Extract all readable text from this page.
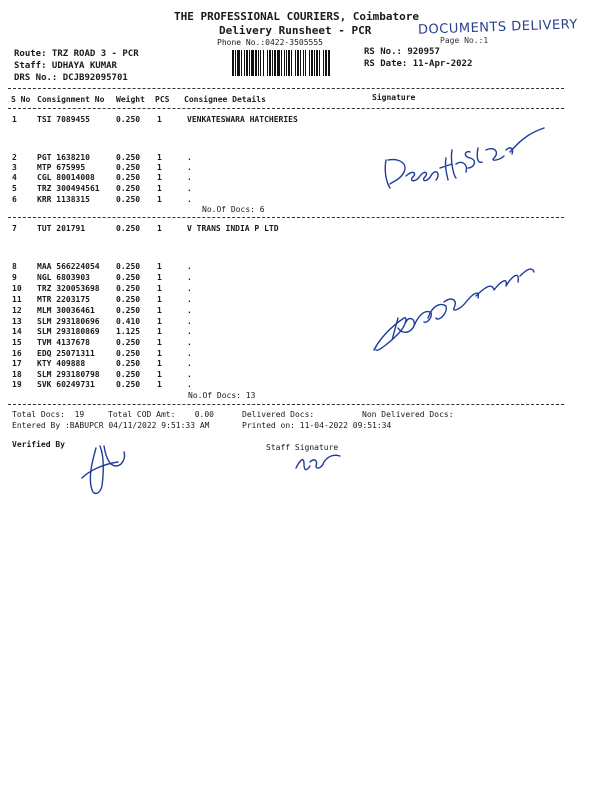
THE PROFESSIONAL COURIERS, Coimbatore
Delivery Runsheet - PCR
Phone No.:0422-3505555
DOCUMENTS DELIVERY
Page No.:1
Route: TRZ ROAD 3 - PCR
Staff: UDHAYA KUMAR
DRS No.: DCJB92095701
RS No.: 920957
RS Date: 11-Apr-2022
S No Consignment No Weight PCS Consignee Details	Signature
1	TSI 7089455	0.250 1	VENKATESWARA HATCHERIES
2	PGT 1638210	0.250 1	.
3	MTP 675995	0.250 1	.
4	CGL 80014008	0.250 1	.
5	TRZ 300494561 0.250 1	.
6	KRR 1138315	0.250 1	.
No.Of Docs: 6
7	TUT 201791	0.250 1	V TRANS INDIA P LTD
8	MAA 566224054 0.250 1	.
9	NGL 6803903	0.250 1	.
10 TRZ 320053698 0.250 1	.
11 MTR 2203175	0.250 1	.
12 MLM 30036461	0.250 1	.
13 SLM 293180696 0.410 1	.
14 SLM 293180869 1.125 1	.
15 TVM 4137678	0.250 1	.
16 EDQ 25071311	0.250 1	.
17 KTY 409888	0.250 1	.
18 SLM 293180798 0.250 1	.
19 SVK 60249731	0.250 1	.
No.Of Docs: 13
Total Docs:  19	Total COD Amt:    0.00	Delivered Docs:	Non Delivered Docs:
Entered By :BABUPCR 04/11/2022 9:51:33 AM	Printed on: 11-04-2022 09:51:34
Verified By	Staff Signature
